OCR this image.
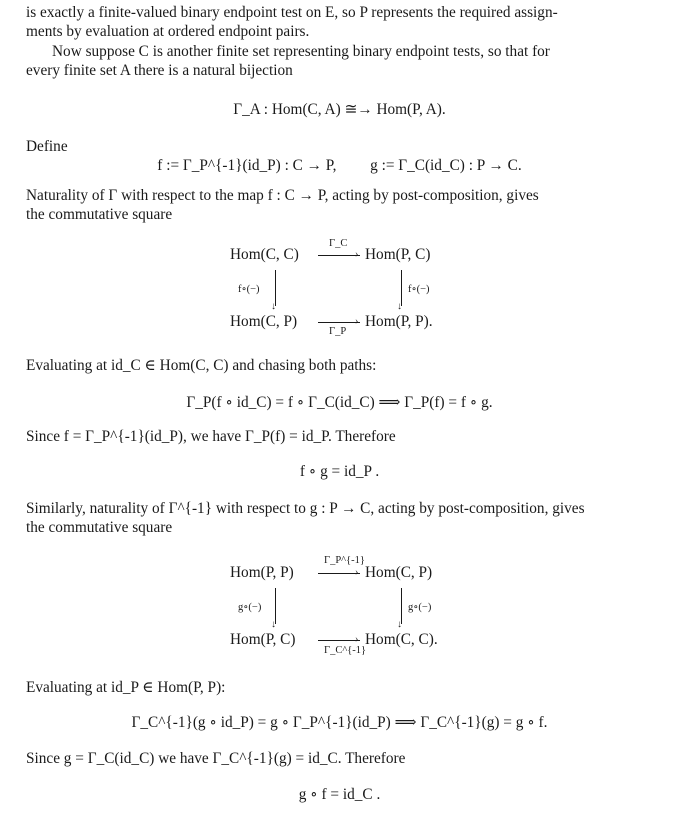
is exactly a finite-valued binary endpoint test on E, so P represents the required assign-
ments by evaluation at ordered endpoint pairs.
Now suppose C is another finite set representing binary endpoint tests, so that for
every finite set A there is a natural bijection
Γ_A : Hom(C, A) ≅→ Hom(P, A).
Define
f := Γ_P^{-1}(id_P) : C → P, g := Γ_C(id_C) : P → C.
Naturality of Γ with respect to the map f : C → P, acting by post-composition, gives
the commutative square
Hom(C, C)	Hom(P, C)
Hom(C, P)	Hom(P, P).
Γ_C
›
›
Γ_P
f∘(−)
↓	↓
f∘(−)
Evaluating at id_C ∈ Hom(C, C) and chasing both paths:
Γ_P(f ∘ id_C) = f ∘ Γ_C(id_C) ⟹ Γ_P(f) = f ∘ g.
Since f = Γ_P^{-1}(id_P), we have Γ_P(f) = id_P. Therefore
f ∘ g = id_P .
Similarly, naturality of Γ^{-1} with respect to g : P → C, acting by post-composition, gives
the commutative square
Hom(P, P)	Hom(C, P)
Hom(P, C)	Hom(C, C).
Γ_P^{-1}
›
›
Γ_C^{-1}
g∘(−)
↓	↓
g∘(−)
Evaluating at id_P ∈ Hom(P, P):
Γ_C^{-1}(g ∘ id_P) = g ∘ Γ_P^{-1}(id_P) ⟹ Γ_C^{-1}(g) = g ∘ f.
Since g = Γ_C(id_C) we have Γ_C^{-1}(g) = id_C. Therefore
g ∘ f = id_C .
